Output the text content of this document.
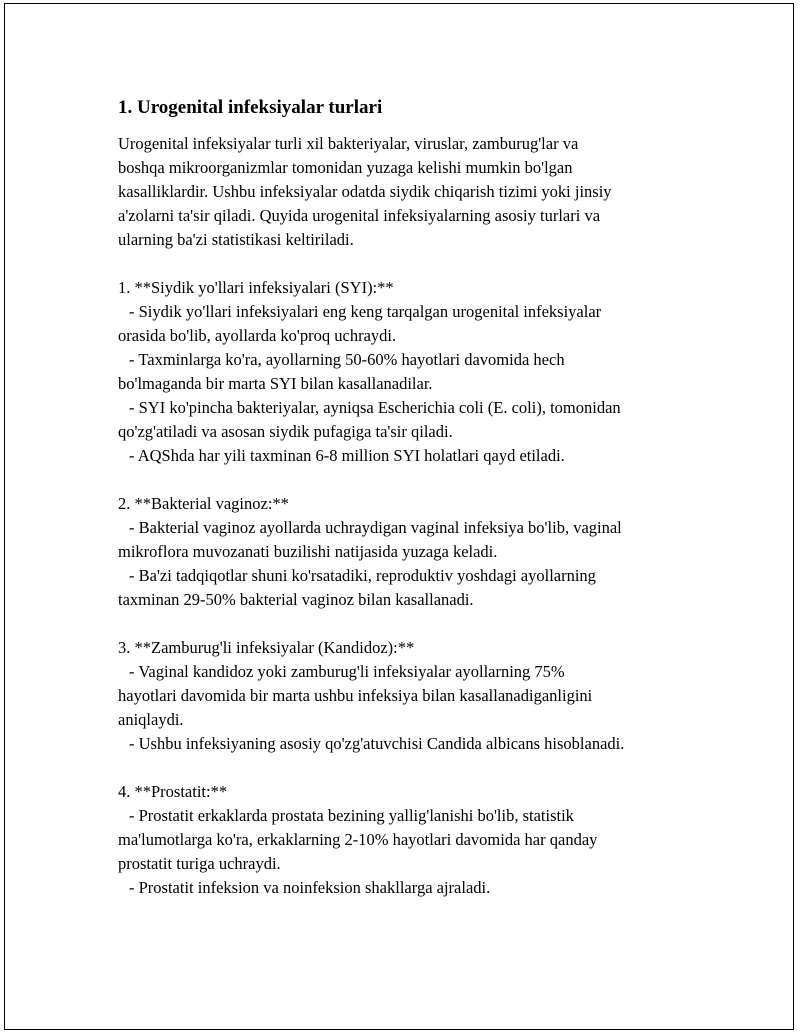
1. Urogenital infeksiyalar turlari
Urogenital infeksiyalar turli xil bakteriyalar, viruslar, zamburug'lar va
boshqa mikroorganizmlar tomonidan yuzaga kelishi mumkin bo'lgan
kasalliklardir. Ushbu infeksiyalar odatda siydik chiqarish tizimi yoki jinsiy
a'zolarni ta'sir qiladi. Quyida urogenital infeksiyalarning asosiy turlari va
ularning ba'zi statistikasi keltiriladi.
1. **Siydik yo'llari infeksiyalari (SYI):**
- Siydik yo'llari infeksiyalari eng keng tarqalgan urogenital infeksiyalar
orasida bo'lib, ayollarda ko'proq uchraydi.
- Taxminlarga ko'ra, ayollarning 50-60% hayotlari davomida hech
bo'lmaganda bir marta SYI bilan kasallanadilar.
- SYI ko'pincha bakteriyalar, ayniqsa Escherichia coli (E. coli), tomonidan
qo'zg'atiladi va asosan siydik pufagiga ta'sir qiladi.
- AQShda har yili taxminan 6-8 million SYI holatlari qayd etiladi.
2. **Bakterial vaginoz:**
- Bakterial vaginoz ayollarda uchraydigan vaginal infeksiya bo'lib, vaginal
mikroflora muvozanati buzilishi natijasida yuzaga keladi.
- Ba'zi tadqiqotlar shuni ko'rsatadiki, reproduktiv yoshdagi ayollarning
taxminan 29-50% bakterial vaginoz bilan kasallanadi.
3. **Zamburug'li infeksiyalar (Kandidoz):**
- Vaginal kandidoz yoki zamburug'li infeksiyalar ayollarning 75%
hayotlari davomida bir marta ushbu infeksiya bilan kasallanadiganligini
aniqlaydi.
- Ushbu infeksiyaning asosiy qo'zg'atuvchisi Candida albicans hisoblanadi.
4. **Prostatit:**
- Prostatit erkaklarda prostata bezining yallig'lanishi bo'lib, statistik
ma'lumotlarga ko'ra, erkaklarning 2-10% hayotlari davomida har qanday
prostatit turiga uchraydi.
- Prostatit infeksion va noinfeksion shakllarga ajraladi.
